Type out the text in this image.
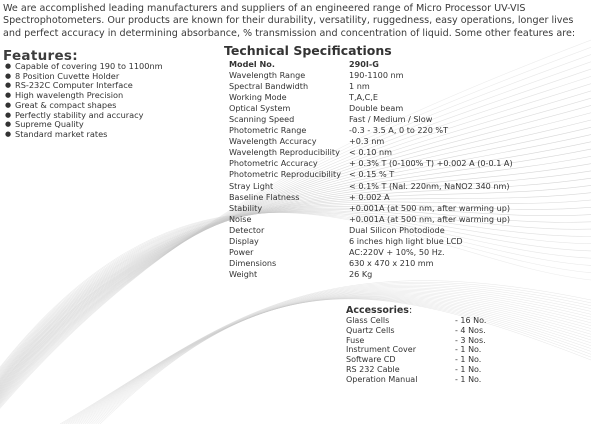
We are accomplished leading manufacturers and suppliers of an engineered range of Micro Processor UV-VIS Spectrophotometers. Our products are known for their durability, versatility, ruggedness, easy operations, longer lives and perfect accuracy in determining absorbance, % transmission and concentration of liquid. Some other features are:
Features:
● Capable of covering 190 to 1100nm
● 8 Position Cuvette Holder
● RS-232C Computer Interface
● High wavelength Precision
● Great & compact shapes
● Perfectly stability and accuracy
● Supreme Quality
● Standard market rates
Technical Specifications
Model No.	290I-G
Wavelength Range	190-1100 nm
Spectral Bandwidth	1 nm
Working Mode	T,A,C,E
Optical System	Double beam
Scanning Speed	Fast / Medium / Slow
Photometric Range	-0.3 - 3.5 A, 0 to 220 %T
Wavelength Accuracy	+0.3 nm
Wavelength Reproducibility	< 0.10 nm
Photometric Accuracy	+ 0.3% T (0-100% T) +0.002 A (0-0.1 A)
Photometric Reproducibility	< 0.15 % T
Stray Light	< 0.1% T (Nal. 220nm, NaNO2 340 nm)
Baseline Flatness	+ 0.002 A
Stability	+0.001A (at 500 nm, after warming up)
Noise	+0.001A (at 500 nm, after warming up)
Detector	Dual Silicon Photodiode
Display	6 inches high light blue LCD
Power	AC:220V + 10%, 50 Hz.
Dimensions	630 x 470 x 210 mm
Weight	26 Kg
Accessories:
Glass Cells	- 16 No.
Quartz Cells	- 4 Nos.
Fuse	- 3 Nos.
Instrument Cover	- 1 No.
Software CD	- 1 No.
RS 232 Cable	- 1 No.
Operation Manual	- 1 No.
